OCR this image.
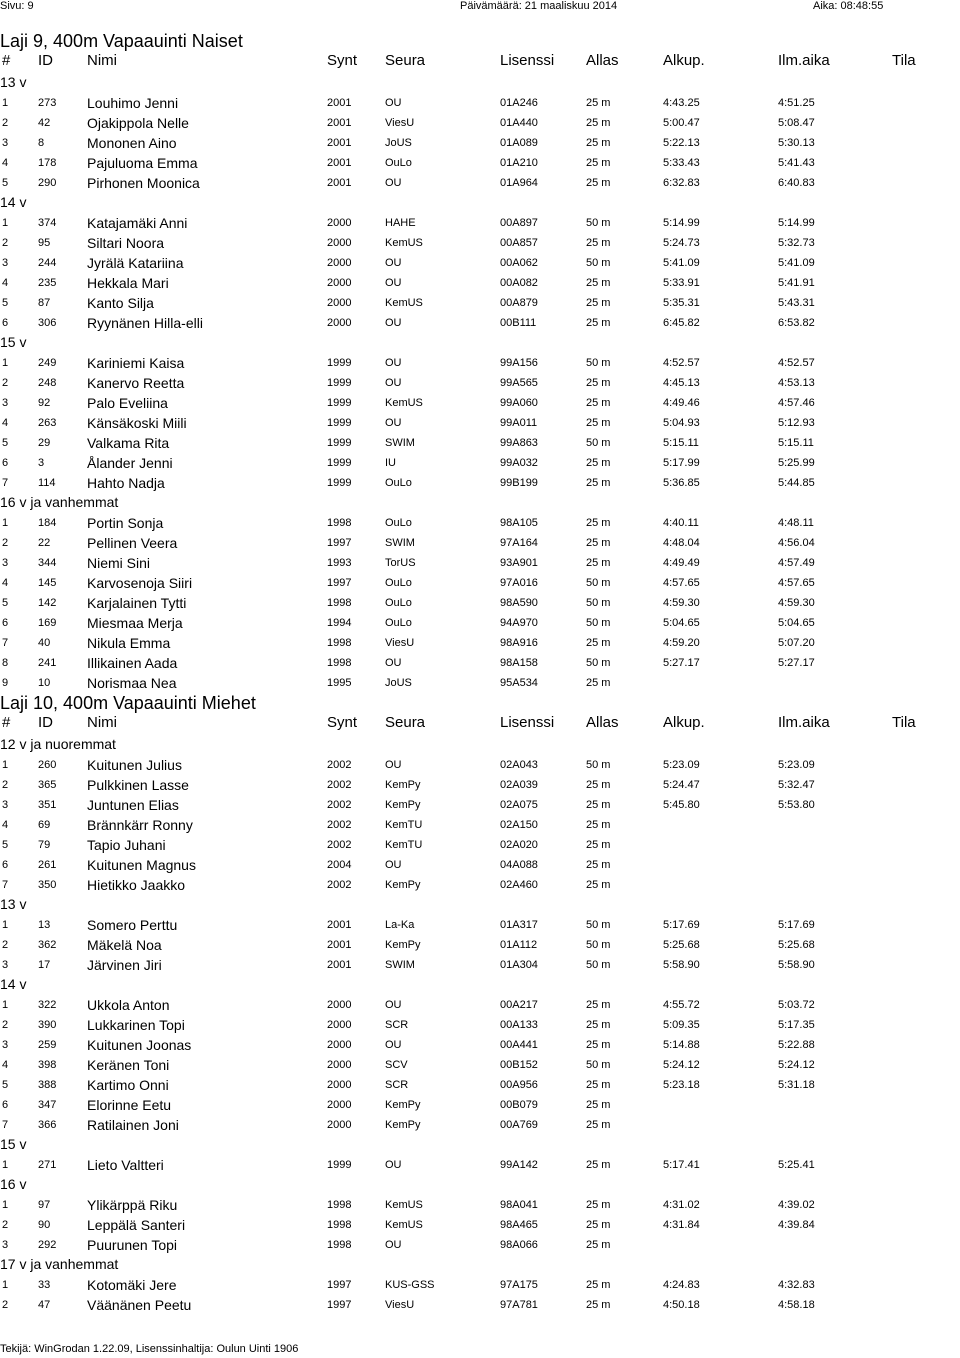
Sivu: 9	Päivämäärä: 21 maaliskuu 2014	Aika: 08:48:55
Laji 9, 400m Vapaauinti Naiset
# ID Nimi	Synt Seura	Lisenssi Allas	Alkup.	Ilm.aika	Tila
13 v
1	273 Louhimo Jenni	2001	OU	01A246	25 m	4:43.25	4:51.25
2	42	Ojakippola Nelle	2001	ViesU	01A440	25 m	5:00.47	5:08.47
3	8	Mononen Aino	2001	JoUS	01A089	25 m	5:22.13	5:30.13
4	178 Pajuluoma Emma	2001	OuLo	01A210	25 m	5:33.43	5:41.43
5	290 Pirhonen Moonica	2001	OU	01A964	25 m	6:32.83	6:40.83
14 v
1	374 Katajamäki Anni	2000	HAHE	00A897	50 m	5:14.99	5:14.99
2	95	Siltari Noora	2000	KemUS	00A857	25 m	5:24.73	5:32.73
3	244 Jyrälä Katariina	2000	OU	00A062	50 m	5:41.09	5:41.09
4	235 Hekkala Mari	2000	OU	00A082	25 m	5:33.91	5:41.91
5	87	Kanto Silja	2000	KemUS	00A879	25 m	5:35.31	5:43.31
6	306 Ryynänen Hilla-elli	2000	OU	00B111	25 m	6:45.82	6:53.82
15 v
1	249 Kariniemi Kaisa	1999	OU	99A156	50 m	4:52.57	4:52.57
2	248 Kanervo Reetta	1999	OU	99A565	25 m	4:45.13	4:53.13
3	92	Palo Eveliina	1999	KemUS	99A060	25 m	4:49.46	4:57.46
4	263 Känsäkoski Miili	1999	OU	99A011	25 m	5:04.93	5:12.93
5	29	Valkama Rita	1999	SWIM	99A863	50 m	5:15.11	5:15.11
6	3	Ålander Jenni	1999	IU	99A032	25 m	5:17.99	5:25.99
7	114 Hahto Nadja	1999	OuLo	99B199	25 m	5:36.85	5:44.85
16 v ja vanhemmat
1	184 Portin Sonja	1998	OuLo	98A105	25 m	4:40.11	4:48.11
2	22	Pellinen Veera	1997	SWIM	97A164	25 m	4:48.04	4:56.04
3	344 Niemi Sini	1993	TorUS	93A901	25 m	4:49.49	4:57.49
4	145 Karvosenoja Siiri	1997	OuLo	97A016	50 m	4:57.65	4:57.65
5	142 Karjalainen Tytti	1998	OuLo	98A590	50 m	4:59.30	4:59.30
6	169 Miesmaa Merja	1994	OuLo	94A970	50 m	5:04.65	5:04.65
7	40	Nikula Emma	1998	ViesU	98A916	25 m	4:59.20	5:07.20
8	241 Illikainen Aada	1998	OU	98A158	50 m	5:27.17	5:27.17
9	10	Norismaa Nea	1995	JoUS	95A534	25 m
Laji 10, 400m Vapaauinti Miehet
# ID Nimi	Synt Seura	Lisenssi Allas	Alkup.	Ilm.aika	Tila
12 v ja nuoremmat
1	260 Kuitunen Julius	2002	OU	02A043	50 m	5:23.09	5:23.09
2	365 Pulkkinen Lasse	2002	KemPy	02A039	25 m	5:24.47	5:32.47
3	351 Juntunen Elias	2002	KemPy	02A075	25 m	5:45.80	5:53.80
4	69	Brännkärr Ronny	2002	KemTU	02A150	25 m
5	79	Tapio Juhani	2002	KemTU	02A020	25 m
6	261 Kuitunen Magnus	2004	OU	04A088	25 m
7	350 Hietikko Jaakko	2002	KemPy	02A460	25 m
13 v
1	13	Somero Perttu	2001	La-Ka	01A317	50 m	5:17.69	5:17.69
2	362 Mäkelä Noa	2001	KemPy	01A112	50 m	5:25.68	5:25.68
3	17	Järvinen Jiri	2001	SWIM	01A304	50 m	5:58.90	5:58.90
14 v
1	322 Ukkola Anton	2000	OU	00A217	25 m	4:55.72	5:03.72
2	390 Lukkarinen Topi	2000	SCR	00A133	25 m	5:09.35	5:17.35
3	259 Kuitunen Joonas	2000	OU	00A441	25 m	5:14.88	5:22.88
4	398 Keränen Toni	2000	SCV	00B152	50 m	5:24.12	5:24.12
5	388 Kartimo Onni	2000	SCR	00A956	25 m	5:23.18	5:31.18
6	347 Elorinne Eetu	2000	KemPy	00B079	25 m
7	366 Ratilainen Joni	2000	KemPy	00A769	25 m
15 v
1	271 Lieto Valtteri	1999	OU	99A142	25 m	5:17.41	5:25.41
16 v
1	97	Ylikärppä Riku	1998	KemUS	98A041	25 m	4:31.02	4:39.02
2	90	Leppälä Santeri	1998	KemUS	98A465	25 m	4:31.84	4:39.84
3	292 Puurunen Topi	1998	OU	98A066	25 m
17 v ja vanhemmat
1	33	Kotomäki Jere	1997	KUS-GSS	97A175	25 m	4:24.83	4:32.83
2	47	Väänänen Peetu	1997	ViesU	97A781	25 m	4:50.18	4:58.18
Tekijä: WinGrodan 1.22.09, Lisenssinhaltija: Oulun Uinti 1906
